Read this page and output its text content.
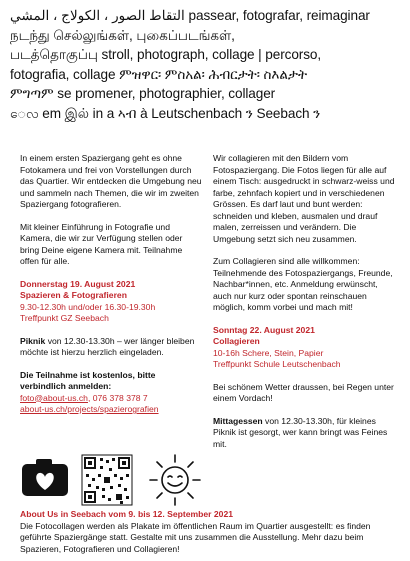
التقاط الصور ، الكولاج ، المشي passear, fotografar, reimaginar
நடந்து செல்லுங்கள், புகைப்படங்கள்,
படத்தொகுப்பு stroll, photograph, collage | percorso,
fotografia, collage ምዝዋር፡ ምስአል፡ ሕብርታት፡ ስእልታት
ምግጣም se promener, photographier, collager
ေလ em இல் in a ኣብ à Leutschenbach ን Seebach ን

In einem ersten Spaziergang geht es ohne Fotokamera und frei von Vorstellungen durch das Quartier. Wir entdecken die Umgebung neu und sammeln nach Themen, die wir im zweiten Spaziergang fotografieren.

Mit kleiner Einführung in Fotografie und Kamera, die wir zur Verfügung stellen oder bring Deine eigene Kamera mit. Teilnahme offen für alle.

Donnerstag 19. August 2021
Spazieren & Fotografieren
9.30-12.30h und/oder 16.30-19.30h
Treffpunkt GZ Seebach

Piknik von 12.30-13.30h – wer länger bleiben möchte ist hierzu herzlich eingeladen.

Die Teilnahme ist kostenlos, bitte verbindlich anmelden:
foto@about-us.ch, 076 378 378 7
about-us.ch/projects/spazierografien

Wir collagieren mit den Bildern vom Fotospaziergang. Die Fotos liegen für alle auf einem Tisch: ausgedruckt in schwarz-weiss und farbe, zehnfach kopiert und in verschiedenen Grössen. Es darf laut und bunt werden: schneiden und kleben, ausmalen und drauf malen, zerreissen und verändern. Die Umgebung setzt sich neu zusammen.

Zum Collagieren sind alle willkommen: Teilnehmende des Fotospaziergangs, Freunde, Nachbar*innen, etc. Anmeldung erwünscht, auch nur kurz oder spontan reinschauen möglich, komm vorbei und mach mit!

Sonntag 22. August 2021
Collagieren
10-16h Schere, Stein, Papier
Treffpunkt Schule Leutschenbach

Bei schönem Wetter draussen, bei Regen unter einem Vordach!

Mittagessen von 12.30-13.30h, für kleines Piknik ist gesorgt, wer kann bringt was Feines mit.

About Us in Seebach vom 9. bis 12. September 2021
Die Fotocollagen werden als Plakate im öffentlichen Raum im Quartier ausgestellt: es finden geführte Spaziergänge statt. Gestalte mit uns zusammen die Ausstellung. Mehr dazu beim Spazieren, Fotografieren und Collagieren!
